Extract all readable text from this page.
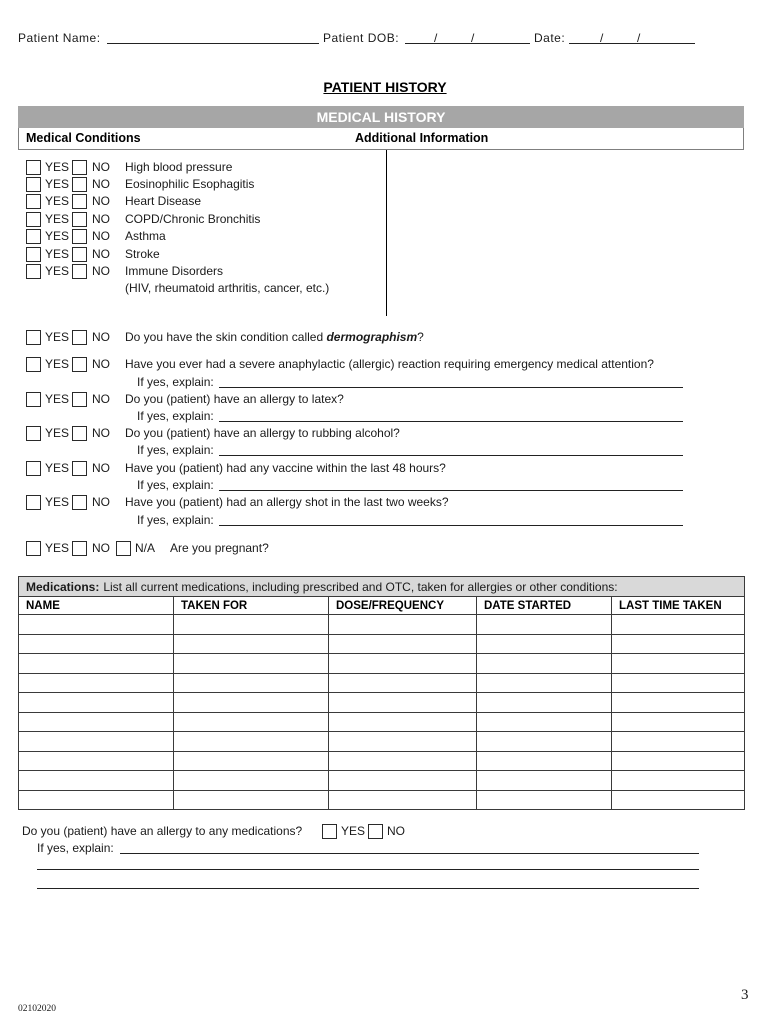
Patient Name:	Patient DOB:	/	/	Date:	/	/
PATIENT HISTORY
MEDICAL HISTORY
Medical Conditions	Additional Information
YES NO High blood pressure
YES NO Eosinophilic Esophagitis
YES NO Heart Disease
YES NO COPD/Chronic Bronchitis
YES NO Asthma
YES NO Stroke
YES NO Immune Disorders
(HIV, rheumatoid arthritis, cancer, etc.)
YES NO Do you have the skin condition called dermographism?
YES NO Have you ever had a severe anaphylactic (allergic) reaction requiring emergency medical attention?
If yes, explain:
YES NO Do you (patient) have an allergy to latex?
If yes, explain:
YES NO Do you (patient) have an allergy to rubbing alcohol?
If yes, explain:
YES NO Have you (patient) had any vaccine within the last 48 hours?
If yes, explain:
YES NO Have you (patient) had an allergy shot in the last two weeks?
If yes, explain:
YES NO N/A Are you pregnant?
Medications: List all current medications, including prescribed and OTC, taken for allergies or other conditions:				
NAME	TAKEN FOR	DOSE/FREQUENCY	DATE STARTED	LAST TIME TAKEN

Do you (patient) have an allergy to any medications?	YES NO
If yes, explain:
02102020
3
